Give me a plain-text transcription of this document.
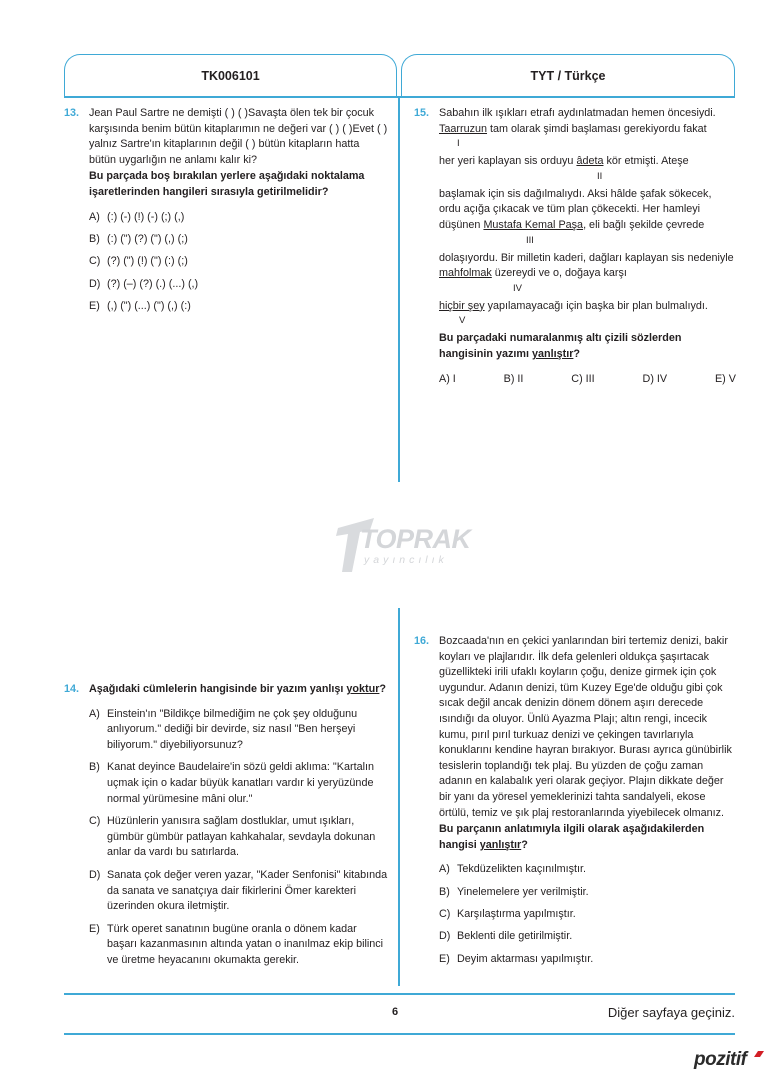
TK006101	TYT / Türkçe
13. Jean Paul Sartre ne demişti ( ) ( )Savaşta ölen tek bir çocuk karşısında benim bütün kitaplarımın ne değeri var ( ) ( )Evet ( ) yalnız Sartre'ın kitaplarının değil ( ) bütün kitapların hatta bütün uygarlığın ne anlamı kalır ki?
Bu parçada boş bırakılan yerlere aşağıdaki noktalama işaretlerinden hangileri sırasıyla getirilmelidir?
A) (:) (-) (!) (-) (;) (,)
B) (:) (") (?) (") (,) (;)
C) (?) (") (!) (") (:) (;)
D) (?) (–) (?) (.) (...) (,)
E) (,) (") (...) (") (,) (:)
15. Sabahın ilk ışıkları etrafı aydınlatmadan hemen öncesiydi.
Taarruzun tam olarak şimdi başlaması gerekiyordu fakat
I
her yeri kaplayan sis orduyu âdeta kör etmişti. Ateşe
II
başlamak için sis dağılmalıydı. Aksi hâlde şafak sökecek, ordu açığa çıkacak ve tüm plan çökecekti. Her hamleyi düşünen Mustafa Kemal Paşa, eli bağlı şekilde çevrede
III
dolaşıyordu. Bir milletin kaderi, dağları kaplayan sis nedeniyle mahfolmak üzereydi ve o, doğaya karşı
IV
hiçbir şey yapılamayacağı için başka bir plan bulmalıydı.
V
Bu parçadaki numaralanmış altı çizili sözlerden hangisinin yazımı yanlıştır?
A) I	B) II	C) III	D) IV	E) V
TOPRAK
yayıncılık
14. Aşağıdaki cümlelerin hangisinde bir yazım yanlışı yoktur?
A) Einstein'ın "Bildikçe bilmediğim ne çok şey olduğunu anlıyorum." dediği bir devirde, siz nasıl "Ben herşeyi biliyorum." diyebiliyorsunuz?
B) Kanat deyince Baudelaire'in sözü geldi aklıma: "Kartalın uçmak için o kadar büyük kanatları vardır ki yeryüzünde normal yürümesine mâni olur."
C) Hüzünlerin yanısıra sağlam dostluklar, umut ışıkları, gümbür gümbür patlayan kahkahalar, sevdayla dokunan anlar da vardı bu satırlarda.
D) Sanata çok değer veren yazar, "Kader Senfonisi" kitabında da sanata ve sanatçıya dair fikirlerini Ömer karekteri üzerinden okura iletmiştir.
E) Türk operet sanatının bugüne oranla o dönem kadar başarı kazanmasının altında yatan o inanılmaz ekip bilinci ve üretme heyacanını okumakta gerekir.
16. Bozcaada'nın en çekici yanlarından biri tertemiz denizi, bakir koyları ve plajlarıdır. İlk defa gelenleri oldukça şaşırtacak güzellikteki irili ufaklı koyların çoğu, denize girmek için çok uygundur. Adanın denizi, tüm Kuzey Ege'de olduğu gibi çok sıcak değil ancak denizin dönem dönem aşırı derecede ısındığı da oluyor. Ünlü Ayazma Plajı; altın rengi, incecik kumu, pırıl pırıl turkuaz denizi ve çekingen tavırlarıyla konuklarını kendine hayran bırakıyor. Burası ayrıca günübirlik tesislerin toplandığı tek plaj. Bu yüzden de çoğu zaman adanın en kalabalık yeri olarak geçiyor. Plajın dikkate değer bir yanı da yöresel yemeklerinizi tahta sandalyeli, ekose örtülü, temiz ve şık plaj restoranlarında yiyebilecek olmanız.
Bu parçanın anlatımıyla ilgili olarak aşağıdakilerden hangisi yanlıştır?
A) Tekdüzelikten kaçınılmıştır.
B) Yinelemelere yer verilmiştir.
C) Karşılaştırma yapılmıştır.
D) Beklenti dile getirilmiştir.
E) Deyim aktarması yapılmıştır.
6	Diğer sayfaya geçiniz.
pozitif
